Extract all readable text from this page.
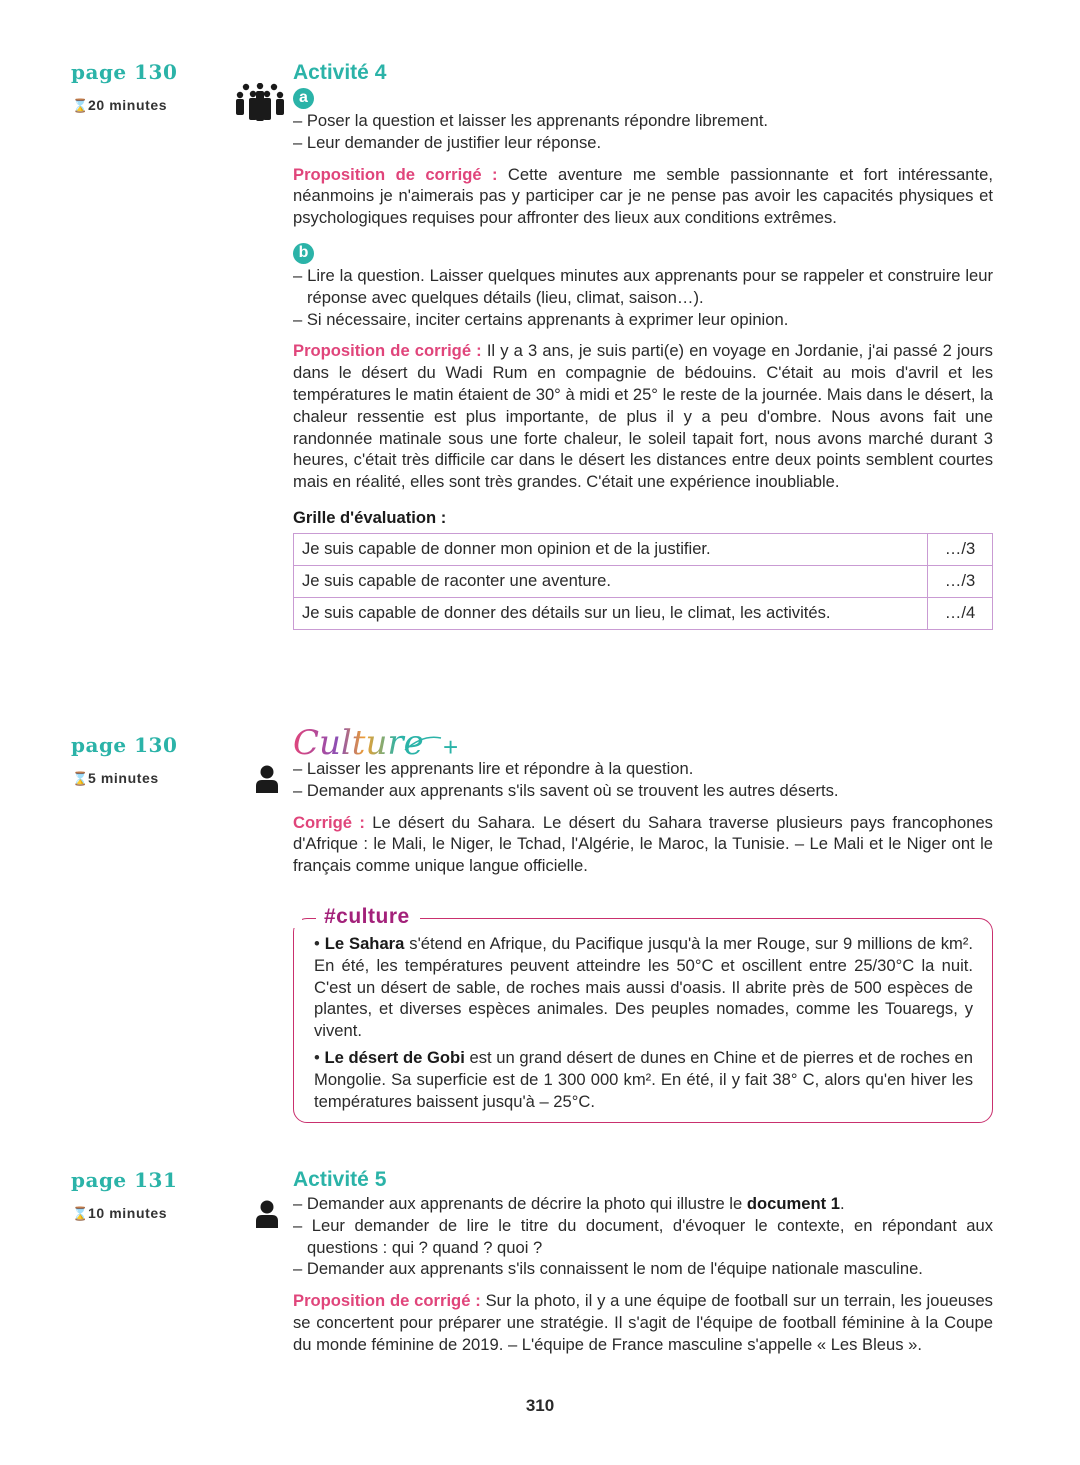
page 130
⌛20 minutes
Activité 4
a
– Poser la question et laisser les apprenants répondre librement.
– Leur demander de justifier leur réponse.
Proposition de corrigé : Cette aventure me semble passionnante et fort intéressante, néanmoins je n'aimerais pas y participer car je ne pense pas avoir les capacités physiques et psychologiques requises pour affronter des lieux aux conditions extrêmes.
b
– Lire la question. Laisser quelques minutes aux apprenants pour se rappeler et construire leur réponse avec quelques détails (lieu, climat, saison…).
– Si nécessaire, inciter certains apprenants à exprimer leur opinion.
Proposition de corrigé : Il y a 3 ans, je suis parti(e) en voyage en Jordanie, j'ai passé 2 jours dans le désert du Wadi Rum en compagnie de bédouins. C'était au mois d'avril et les températures le matin étaient de 30° à midi et 25° le reste de la journée. Mais dans le désert, la chaleur ressentie est plus importante, de plus il y a peu d'ombre. Nous avons fait une randonnée matinale sous une forte chaleur, le soleil tapait fort, nous avons marché durant 3 heures, c'était très difficile car dans le désert les distances entre deux points semblent courtes mais en réalité, elles sont très grandes. C'était une expérience inoubliable.
Grille d'évaluation :
Je suis capable de donner mon opinion et de la justifier.	…/3
Je suis capable de raconter une aventure.	…/3
Je suis capable de donner des détails sur un lieu, le climat, les activités.	…/4
page 130
⌛5 minutes
Culture +
– Laisser les apprenants lire et répondre à la question.
– Demander aux apprenants s'ils savent où se trouvent les autres déserts.
Corrigé : Le désert du Sahara. Le désert du Sahara traverse plusieurs pays francophones d'Afrique : le Mali, le Niger, le Tchad, l'Algérie, le Maroc, la Tunisie. – Le Mali et le Niger ont le français comme unique langue officielle.
#culture
• Le Sahara s'étend en Afrique, du Pacifique jusqu'à la mer Rouge, sur 9 millions de km². En été, les températures peuvent atteindre les 50°C et oscillent entre 25/30°C la nuit. C'est un désert de sable, de roches mais aussi d'oasis. Il abrite près de 500 espèces de plantes, et diverses espèces animales. Des peuples nomades, comme les Touaregs, y vivent.
• Le désert de Gobi est un grand désert de dunes en Chine et de pierres et de roches en Mongolie. Sa superficie est de 1 300 000 km². En été, il y fait 38° C, alors qu'en hiver les températures baissent jusqu'à – 25°C.
page 131
⌛10 minutes
Activité 5
– Demander aux apprenants de décrire la photo qui illustre le document 1.
– Leur demander de lire le titre du document, d'évoquer le contexte, en répondant aux questions : qui ? quand ? quoi ?
– Demander aux apprenants s'ils connaissent le nom de l'équipe nationale masculine.
Proposition de corrigé : Sur la photo, il y a une équipe de football sur un terrain, les joueuses se concertent pour préparer une stratégie. Il s'agit de l'équipe de football féminine à la Coupe du monde féminine de 2019. – L'équipe de France masculine s'appelle « Les Bleus ».
310
